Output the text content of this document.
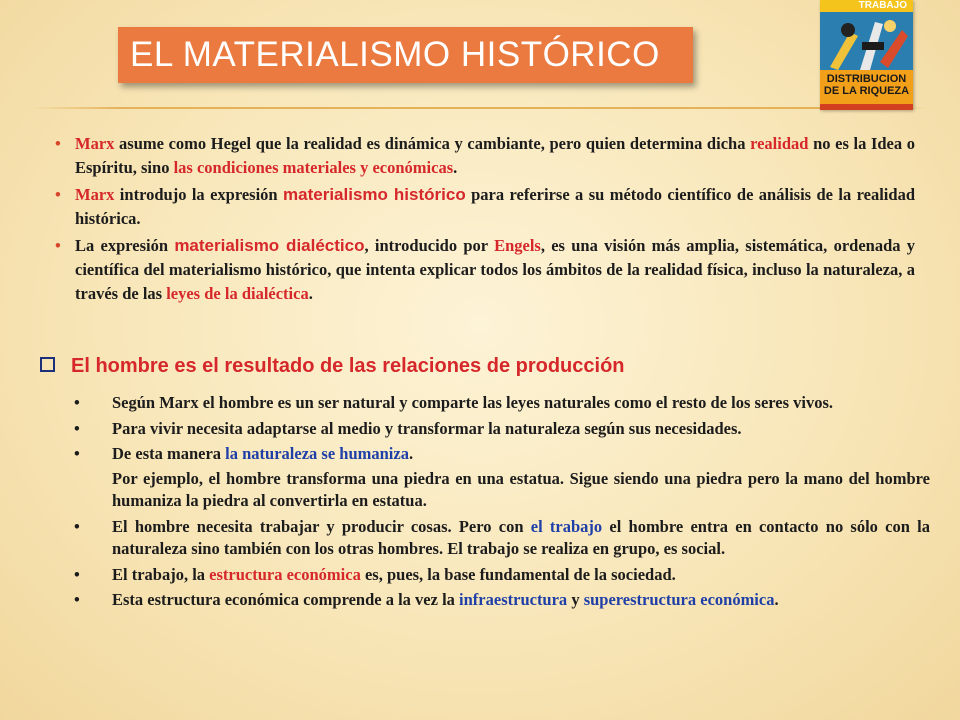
EL MATERIALISMO HISTÓRICO
TRABAJO
DISTRIBUCION
DE LA RIQUEZA
• Marx asume como Hegel que la realidad es dinámica y cambiante, pero quien determina dicha realidad no es la Idea o Espíritu, sino las condiciones materiales y económicas.
• Marx introdujo la expresión materialismo histórico para referirse a su método científico de análisis de la realidad histórica.
• La expresión materialismo dialéctico, introducido por Engels, es una visión más amplia, sistemática, ordenada y científica del materialismo histórico, que intenta explicar todos los ámbitos de la realidad física, incluso la naturaleza, a través de las leyes de la dialéctica.
El hombre es el resultado de las relaciones de producción
• Según Marx el hombre es un ser natural y comparte las leyes naturales como el resto de los seres vivos.
• Para vivir necesita adaptarse al medio y transformar la naturaleza según sus necesidades.
• De esta manera la naturaleza se humaniza.
Por ejemplo, el hombre transforma una piedra en una estatua. Sigue siendo una piedra pero la mano del hombre humaniza la piedra al convertirla en estatua.
• El hombre necesita trabajar y producir cosas. Pero con el trabajo el hombre entra en contacto no sólo con la naturaleza sino también con los otras hombres. El trabajo se realiza en grupo, es social.
• El trabajo, la estructura económica es, pues, la base fundamental de la sociedad.
• Esta estructura económica comprende a la vez la infraestructura y superestructura económica.
